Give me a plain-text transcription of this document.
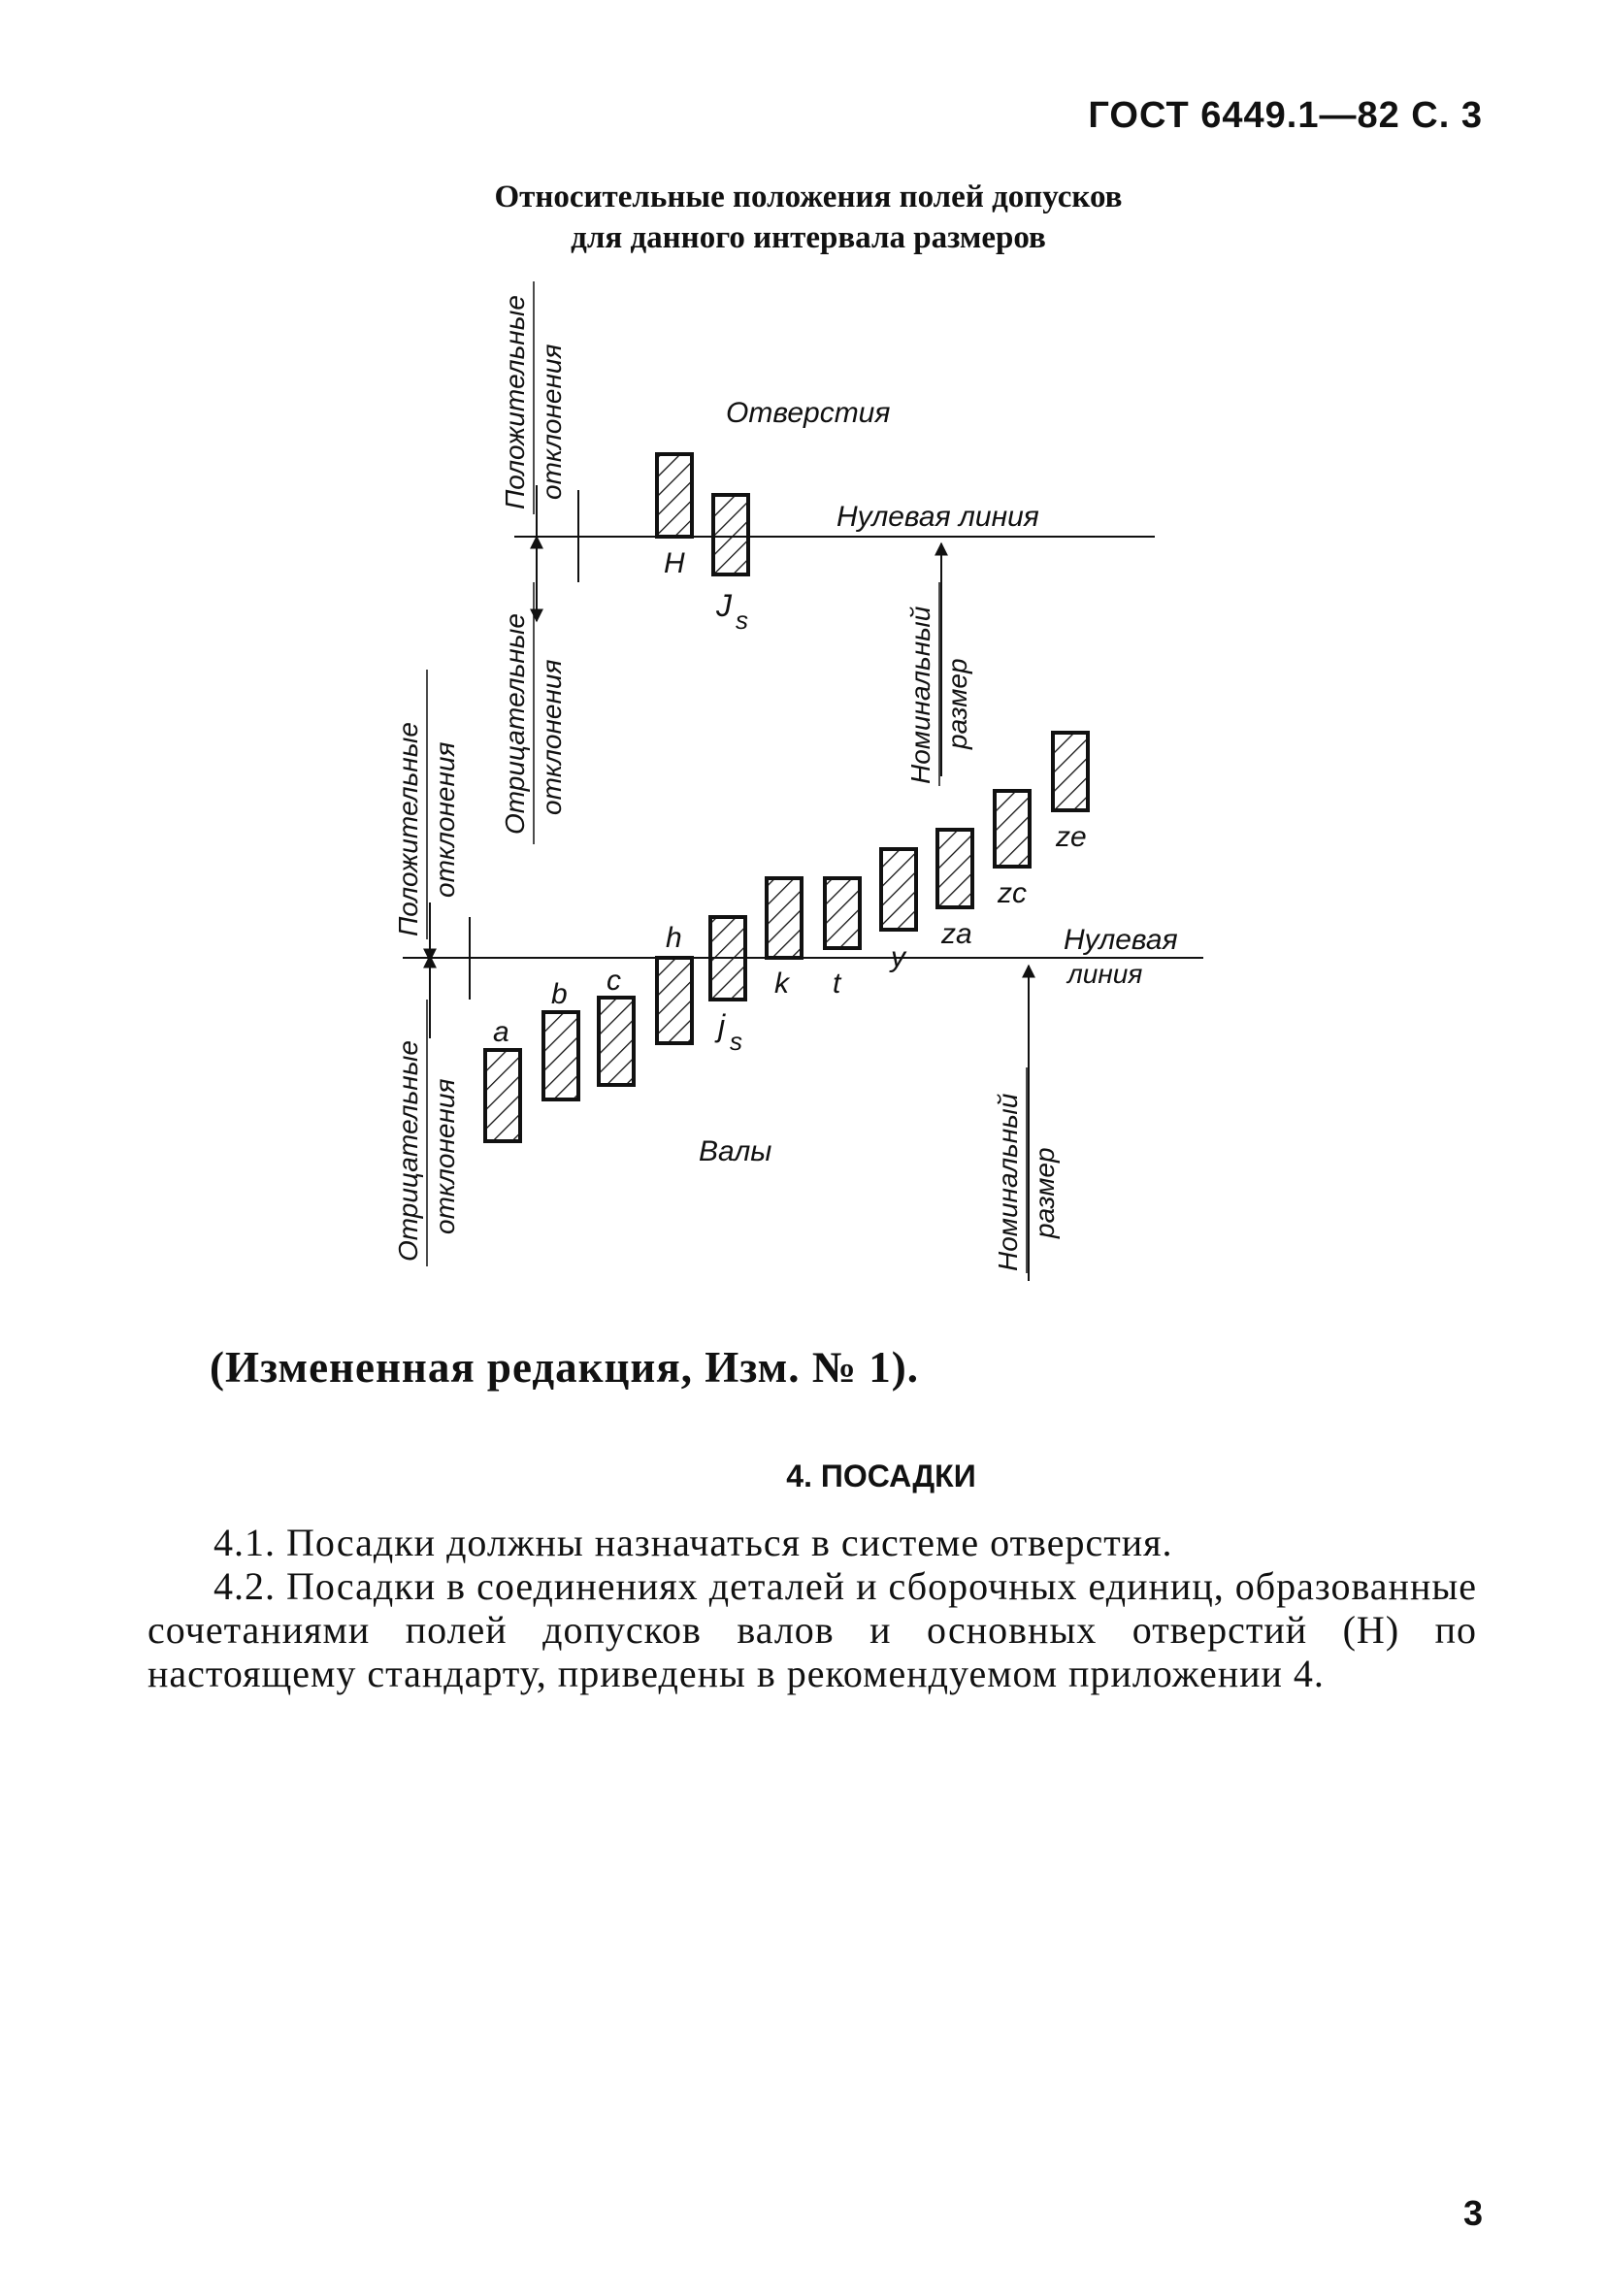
ГОСТ 6449.1—82 С. 3
Относительные положения полей допусков
для данного интервала размеров
H
J s
Отверстия
Нулевая линия
Положительные отклонения
Отрицательные отклонения	Номинальный размер
a
b c
h
j s
k t
y
za
zc
ze
Валы
Нулевая
линия
Положительные отклонения
Отрицательныe отклонения	Номинальный размер
(Измененная редакция, Изм. № 1).
4. ПОСАДКИ

4.1. Посадки должны назначаться в системе отверстия.

4.2. Посадки в соединениях деталей и сборочных единиц, образованные сочетаниями полей допусков валов и основных отверстий (H) по настоящему стандарту, приведены в рекомендуемом приложении 4.

3
